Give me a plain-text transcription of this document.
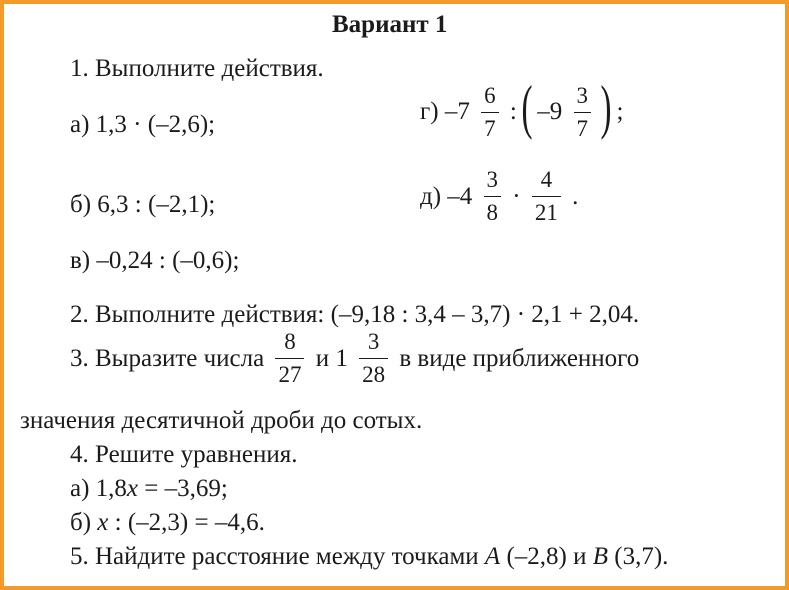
Вариант 1
1. Выполните действия.
а) 1,3 · (–2,6);	г) $-7 \frac{6}{7}$ : ( $-9 \frac{3}{7}$ ) ;
б) 6,3 : (–2,1);	д) $-4 \frac{3}{8} \cdot \frac{4}{21}$ .
в) –0,24 : (–0,6);
2. Выполните действия: (–9,18 : 3,4 – 3,7) · 2,1 + 2,04.
3. Выразите числа $\frac{8}{27}$ и $1 \frac{3}{28}$ в виде приближенного
значения десятичной дроби до сотых.
4. Решите уравнения.
а) 1,8x = –3,69;
б) x : (–2,3) = –4,6.
5. Найдите расстояние между точками A (–2,8) и B (3,7).
